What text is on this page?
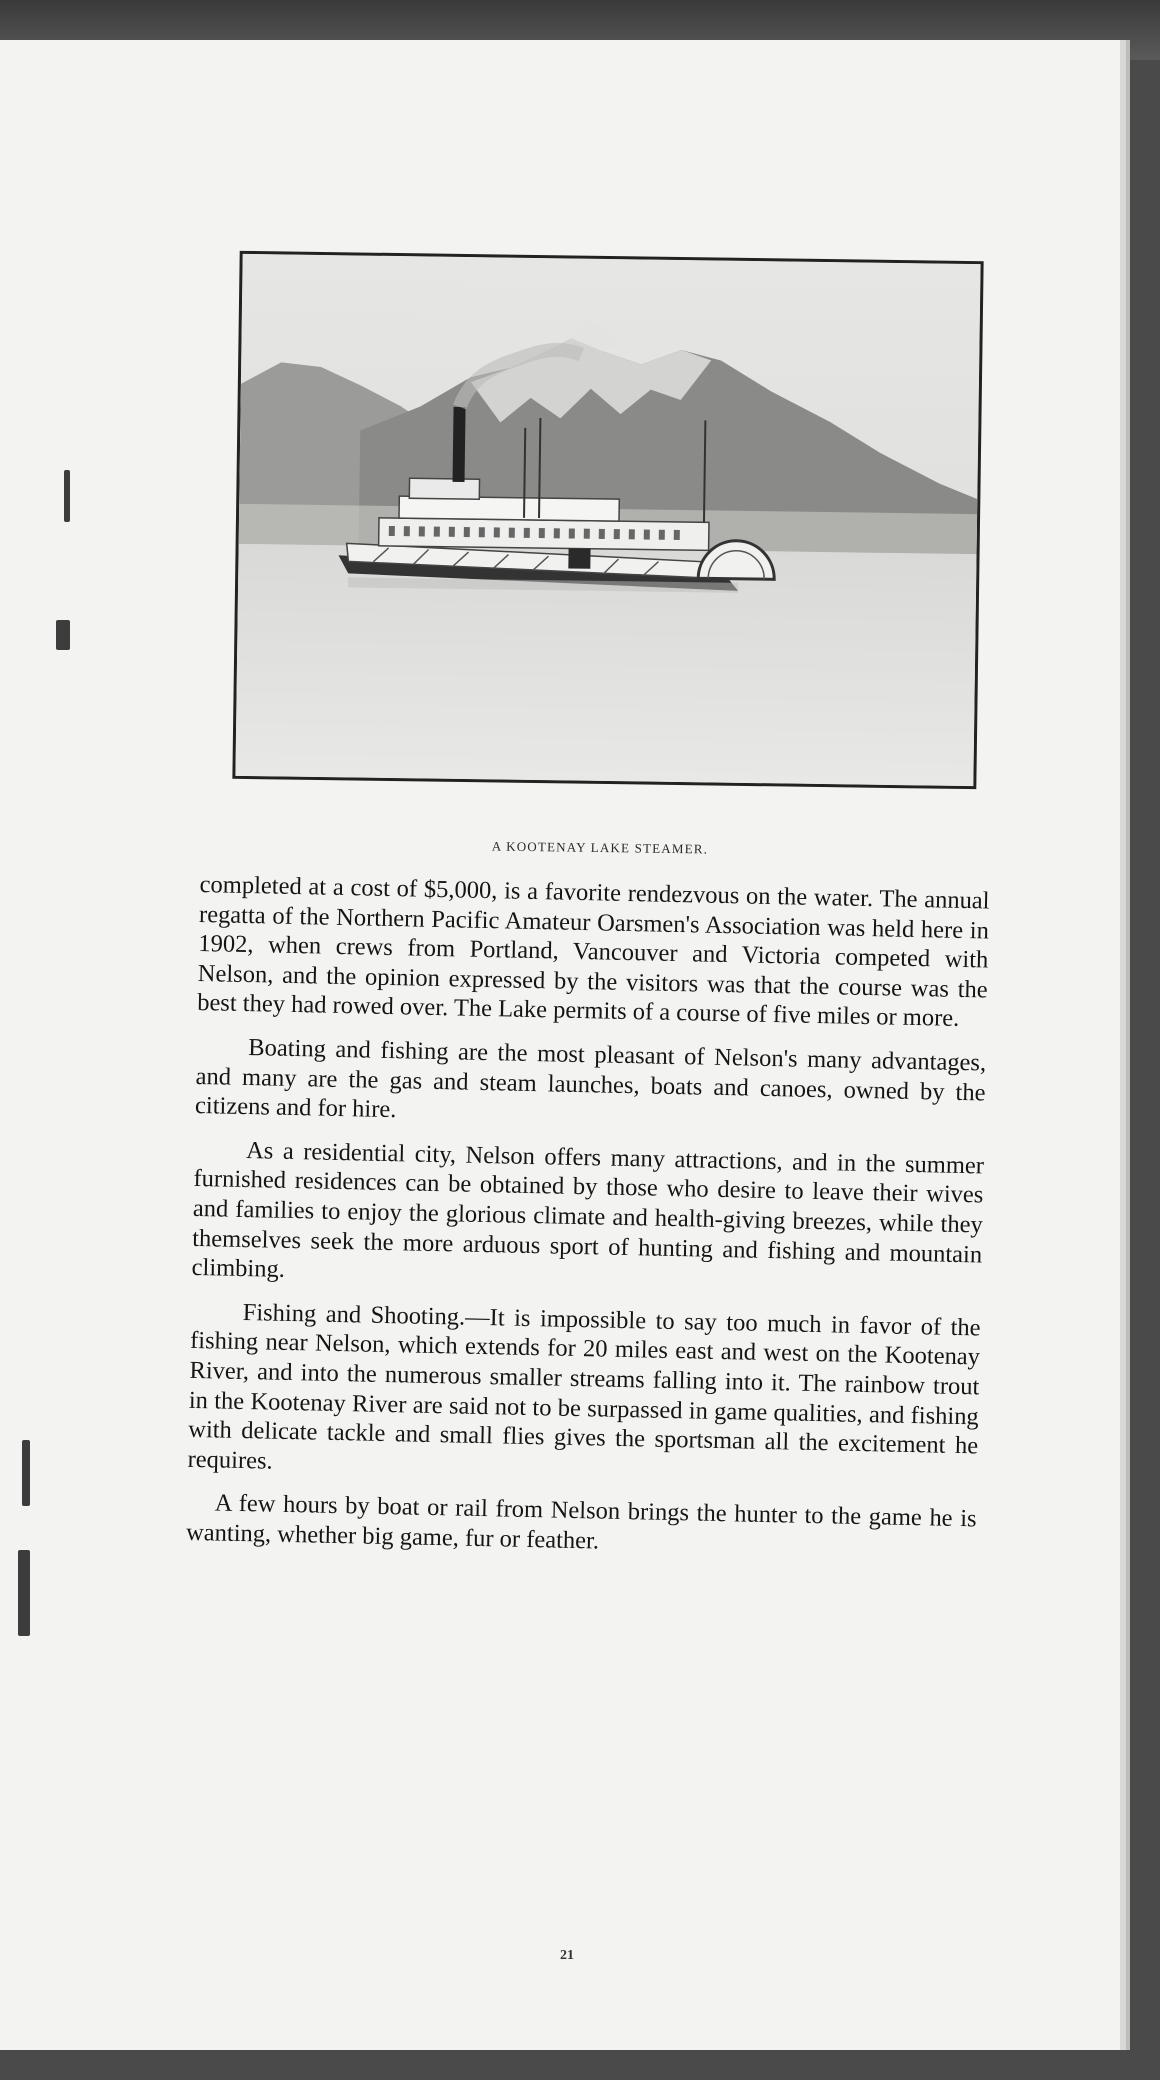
A KOOTENAY LAKE STEAMER.

completed at a cost of $5,000, is a favorite rendezvous on the water. The annual regatta of the Northern Pacific Amateur Oarsmen's Association was held here in 1902, when crews from Portland, Vancouver and Victoria competed with Nelson, and the opinion expressed by the visitors was that the course was the best they had rowed over. The Lake permits of a course of five miles or more.

Boating and fishing are the most pleasant of Nelson's many advantages, and many are the gas and steam launches, boats and canoes, owned by the citizens and for hire.

As a residential city, Nelson offers many attractions, and in the summer furnished residences can be obtained by those who desire to leave their wives and families to enjoy the glorious climate and health-giving breezes, while they themselves seek the more arduous sport of hunting and fishing and mountain climbing.

Fishing and Shooting.—It is impossible to say too much in favor of the fishing near Nelson, which extends for 20 miles east and west on the Kootenay River, and into the numerous smaller streams falling into it. The rainbow trout in the Kootenay River are said not to be surpassed in game qualities, and fishing with delicate tackle and small flies gives the sportsman all the excitement he requires.

A few hours by boat or rail from Nelson brings the hunter to the game he is wanting, whether big game, fur or feather.

21
